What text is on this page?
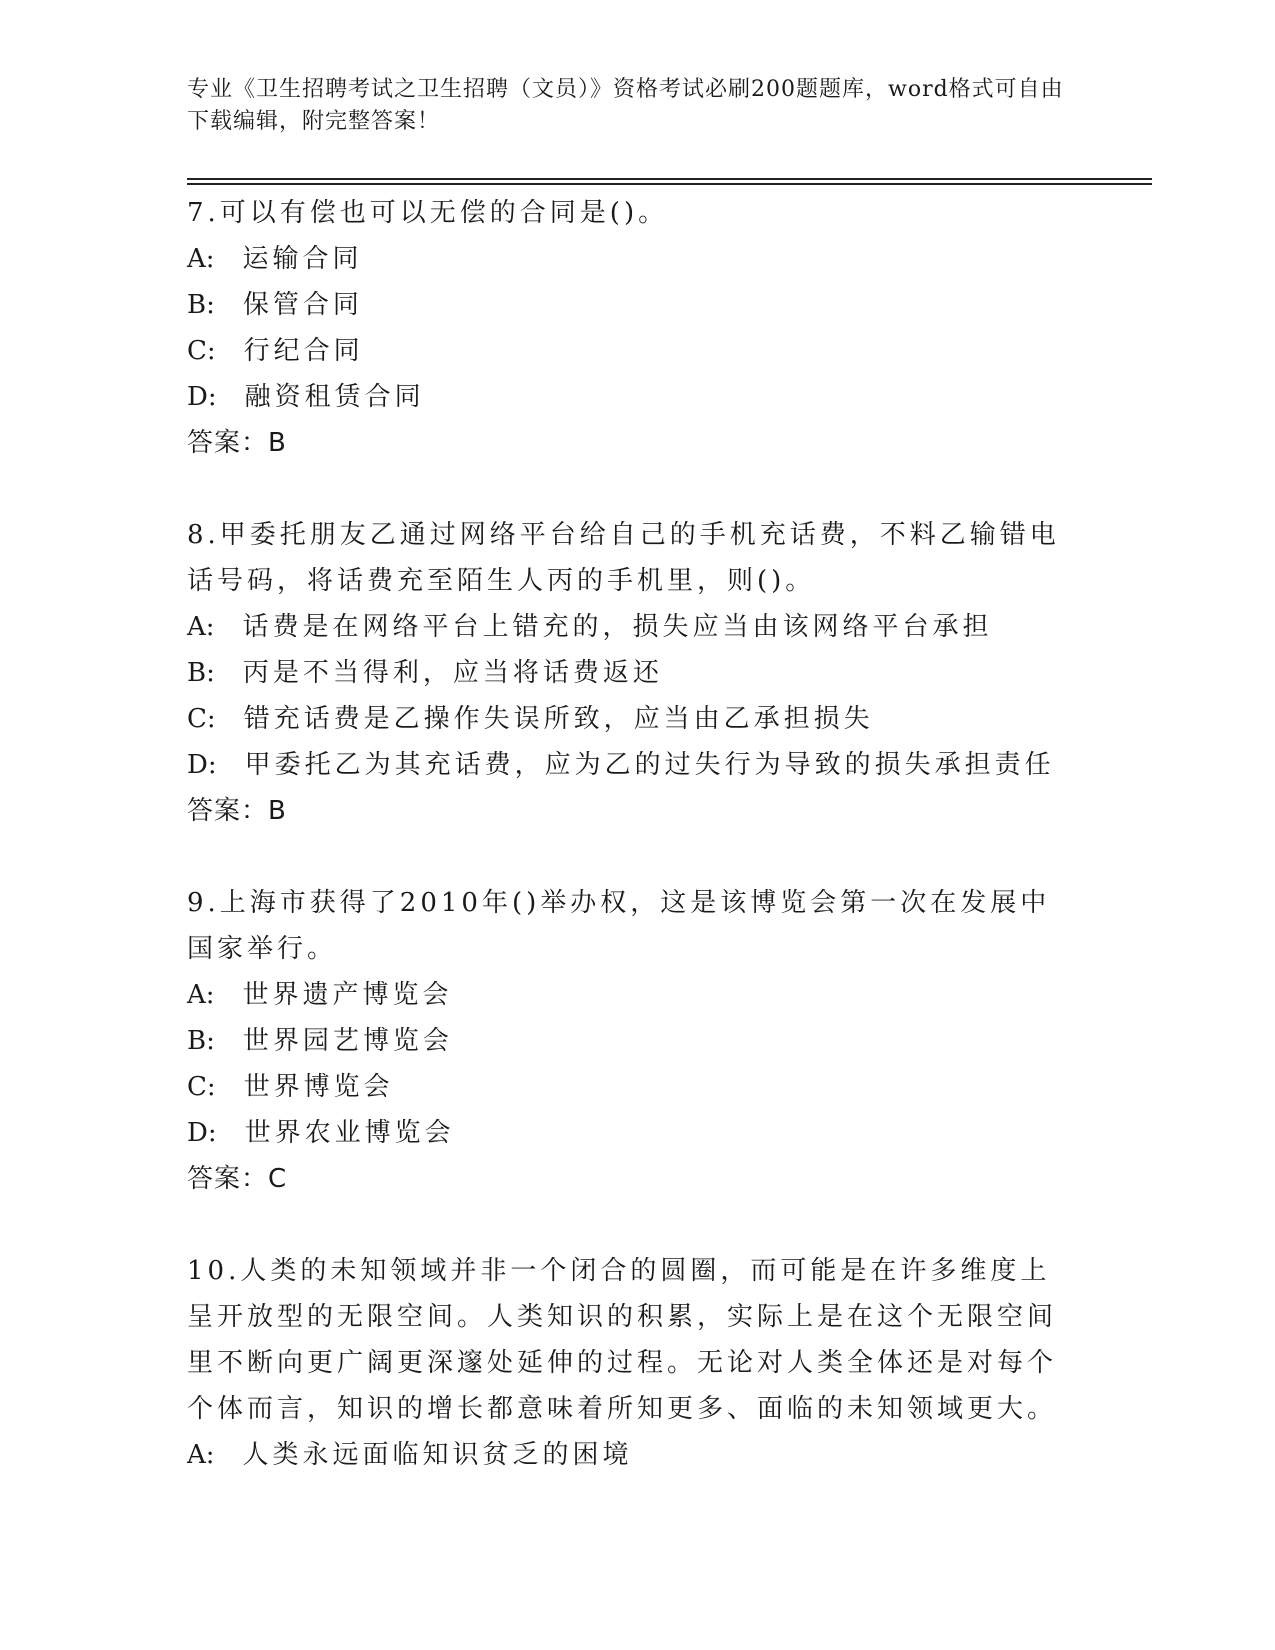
专业《卫生招聘考试之卫生招聘（文员）》资格考试必刷200题题库，word格式可自由下载编辑，附完整答案！

7.可以有偿也可以无偿的合同是()。

A: 运输合同
B: 保管合同
C: 行纪合同
D: 融资租赁合同

答案：B

8.甲委托朋友乙通过网络平台给自己的手机充话费，不料乙输错电话号码，将话费充至陌生人丙的手机里，则()。

A: 话费是在网络平台上错充的，损失应当由该网络平台承担
B: 丙是不当得利，应当将话费返还
C: 错充话费是乙操作失误所致，应当由乙承担损失
D: 甲委托乙为其充话费，应为乙的过失行为导致的损失承担责任

答案：B

9.上海市获得了2010年()举办权，这是该博览会第一次在发展中国家举行。

A: 世界遗产博览会
B: 世界园艺博览会
C: 世界博览会
D: 世界农业博览会

答案：C

10.人类的未知领域并非一个闭合的圆圈，而可能是在许多维度上呈开放型的无限空间。人类知识的积累，实际上是在这个无限空间里不断向更广阔更深邃处延伸的过程。无论对人类全体还是对每个个体而言，知识的增长都意味着所知更多、面临的未知领域更大。

A: 人类永远面临知识贫乏的困境
